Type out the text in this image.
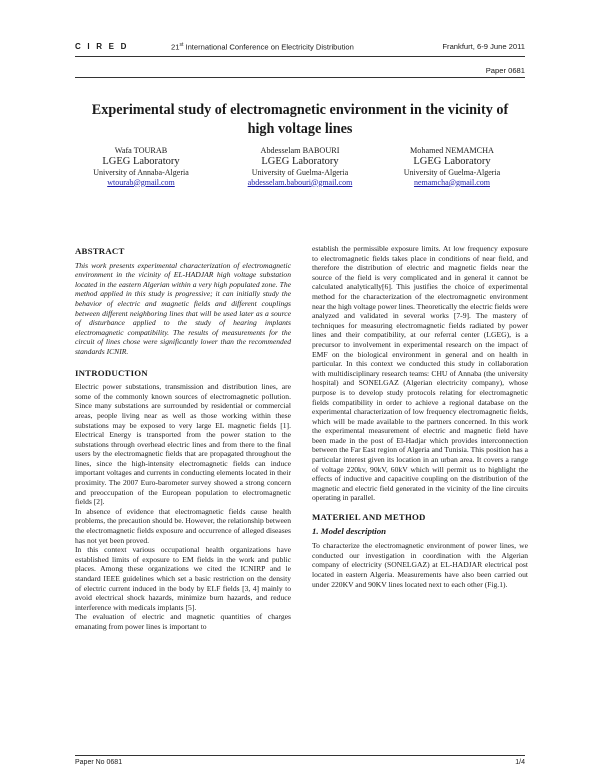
C I R E D	21st International Conference on Electricity Distribution	Frankfurt, 6-9 June 2011
Paper 0681
Experimental study of electromagnetic environment in the vicinity of
high voltage lines
Wafa TOURAB
LGEG Laboratory
University of Annaba-Algeria
wtourab@gmail.com
Abdesselam BABOURI
LGEG Laboratory
University of Guelma-Algeria
abdesselam.babouri@gmail.com
Mohamed NEMAMCHA
LGEG Laboratory
University of Guelma-Algeria
nemamcha@gmail.com
ABSTRACT

This work presents experimental characterization of electromagnetic environment in the vicinity of EL-HADJAR high voltage substation located in the eastern Algerian within a very high populated zone. The method applied in this study is progressive; it can initially study the behavior of electric and magnetic fields and different couplings between different neighboring lines that will be used later as a source of disturbance applied to the study of hearing implants electromagnetic compatibility. The results of measurements for the circuit of lines chose were significantly lower than the recommended standards ICNIR.

INTRODUCTION

Electric power substations, transmission and distribution lines, are some of the commonly known sources of electromagnetic pollution. Since many substations are surrounded by residential or commercial areas, people living near as well as those working within these substations may be exposed to very large EL magnetic fields [1]. Electrical Energy is transported from the power station to the substations through overhead electric lines and from there to the final users by the electromagnetic fields that are propagated throughout the lines, since the high-intensity electromagnetic fields can induce important voltages and currents in conducting elements located in their proximity. The 2007 Euro-barometer survey showed a strong concern and preoccupation of the European population to electromagnetic fields [2].

In absence of evidence that electromagnetic fields cause health problems, the precaution should be. However, the relationship between the electromagnetic fields exposure and occurrence of alleged diseases has not yet been proved.

In this context various occupational health organizations have established limits of exposure to EM fields in the work and public places. Among these organizations we cited the ICNIRP and le standard IEEE guidelines which set a basic restriction on the density of electric current induced in the body by ELF fields [3, 4] mainly to avoid electrical shock hazards, minimize burn hazards, and reduce interference with medicals implants [5].

The evaluation of electric and magnetic quantities of charges emanating from power lines is important to

establish the permissible exposure limits. At low frequency exposure to electromagnetic fields takes place in conditions of near field, and therefore the distribution of electric and magnetic fields near the source of the field is very complicated and in general it cannot be calculated analytically[6]. This justifies the choice of experimental method for the characterization of the electromagnetic environment near the high voltage power lines. Theoretically the electric fields were analyzed and validated in several works [7-9]. The mastery of techniques for measuring electromagnetic fields radiated by power lines and their compatibility, at our referral center (LGEG), is a precursor to involvement in experimental research on the impact of EMF on the biological environment in general and on health in particular. In this context we conducted this study in collaboration with multidisciplinary research teams: CHU of Annaba (the university hospital) and SONELGAZ (Algerian electricity company), whose purpose is to develop study protocols relating for electromagnetic fields compatibility in order to achieve a regional database on the experimental characterization of low frequency electromagnetic fields, which will be made available to the partners concerned. In this work the experimental measurement of electric and magnetic field have been made in the post of El-Hadjar which provides interconnection between the Far East region of Algeria and Tunisia. This position has a particular interest given its location in an urban area. It covers a range of voltage 220kv, 90kV, 60kV which will permit us to highlight the effects of inductive and capacitive coupling on the distribution of the magnetic and electric field generated in the vicinity of the line circuits operating in parallel.

MATERIEL AND METHOD
1. Model description

To characterize the electromagnetic environment of power lines, we conducted our investigation in coordination with the Algerian company of electricity (SONELGAZ) at EL-HADJAR electrical post located in eastern Algeria. Measurements have also been carried out under 220KV and 90KV lines located next to each other (Fig.1).

Paper No 0681	1/4
